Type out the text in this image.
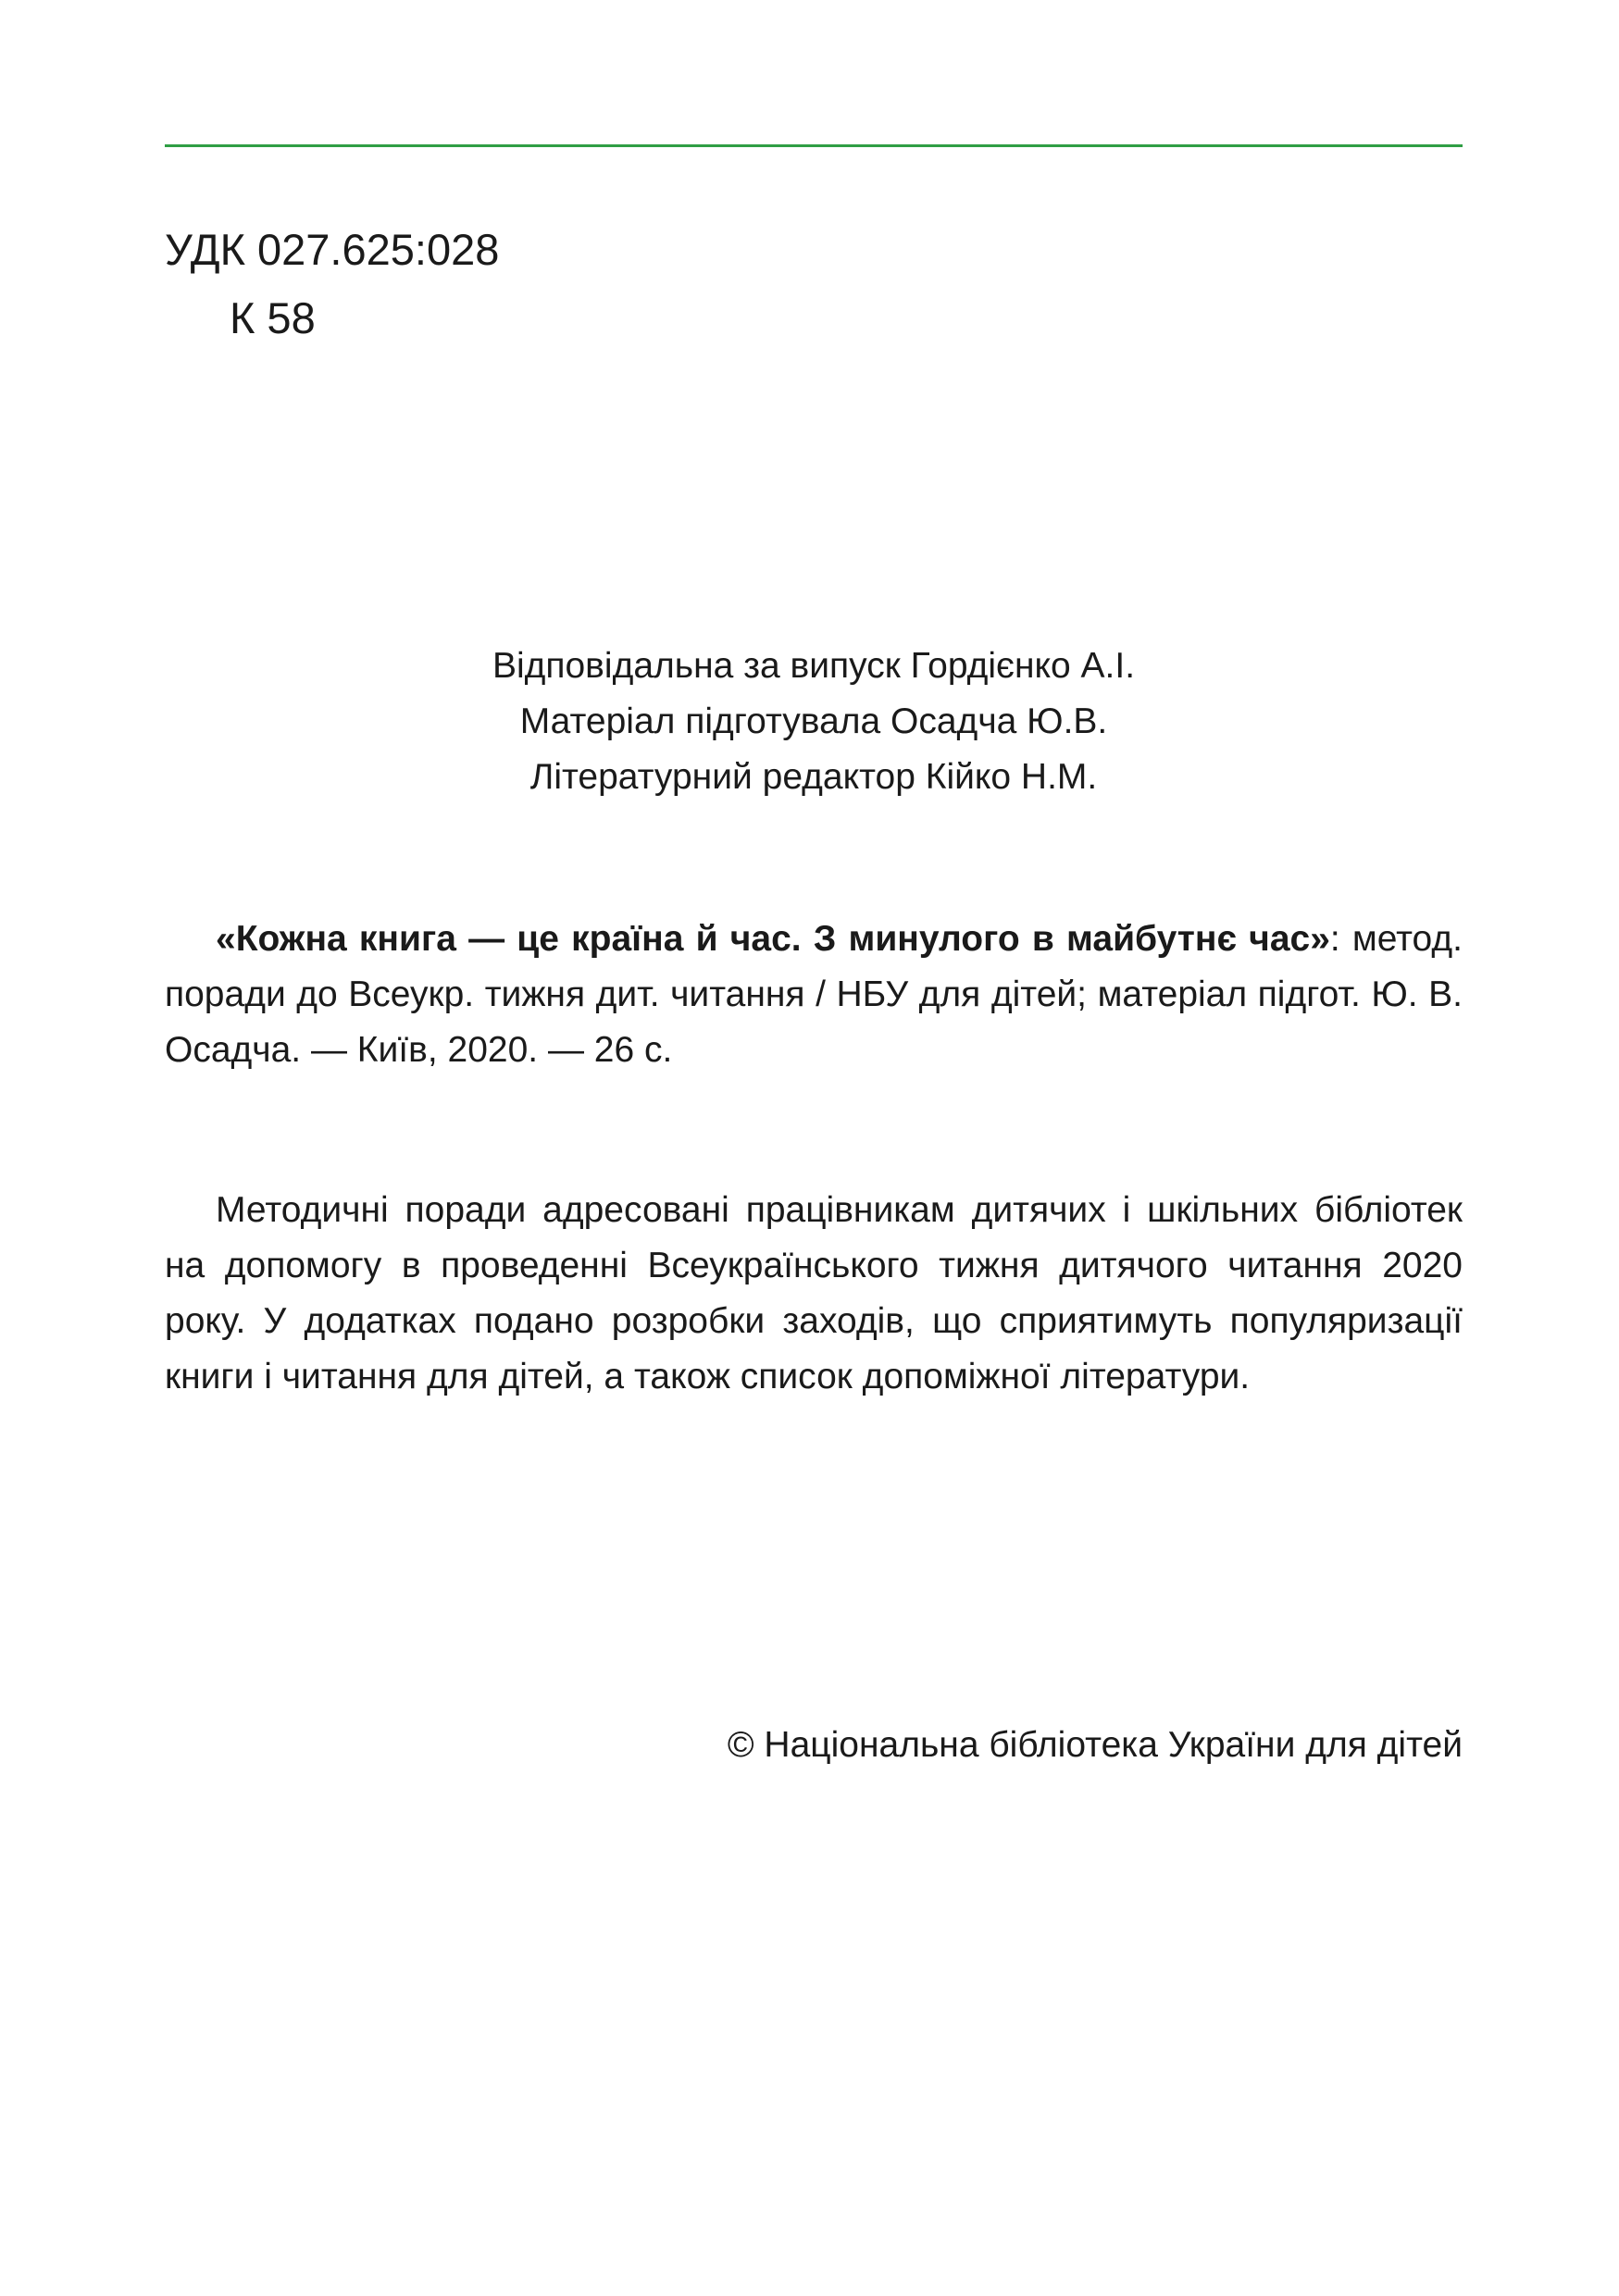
УДК 027.625:028
К 58
Відповідальна за випуск Гордієнко А.І.
Матеріал підготувала Осадча Ю.В.
Літературний редактор Кійко Н.М.

«Кожна книга — це країна й час. З минулого в майбутнє час»: метод. поради до Всеукр. тижня дит. читання / НБУ для дітей; матеріал підгот. Ю. В. Осадча. — Київ, 2020. — 26 с.

Методичні поради адресовані працівникам дитячих і шкільних бібліотек на допомогу в проведенні Всеукраїнського тижня дитячого читання 2020 року. У додатках подано розробки заходів, що сприятимуть популяризації книги і читання для дітей, а також список допоміжної літератури.

© Національна бібліотека України для дітей
